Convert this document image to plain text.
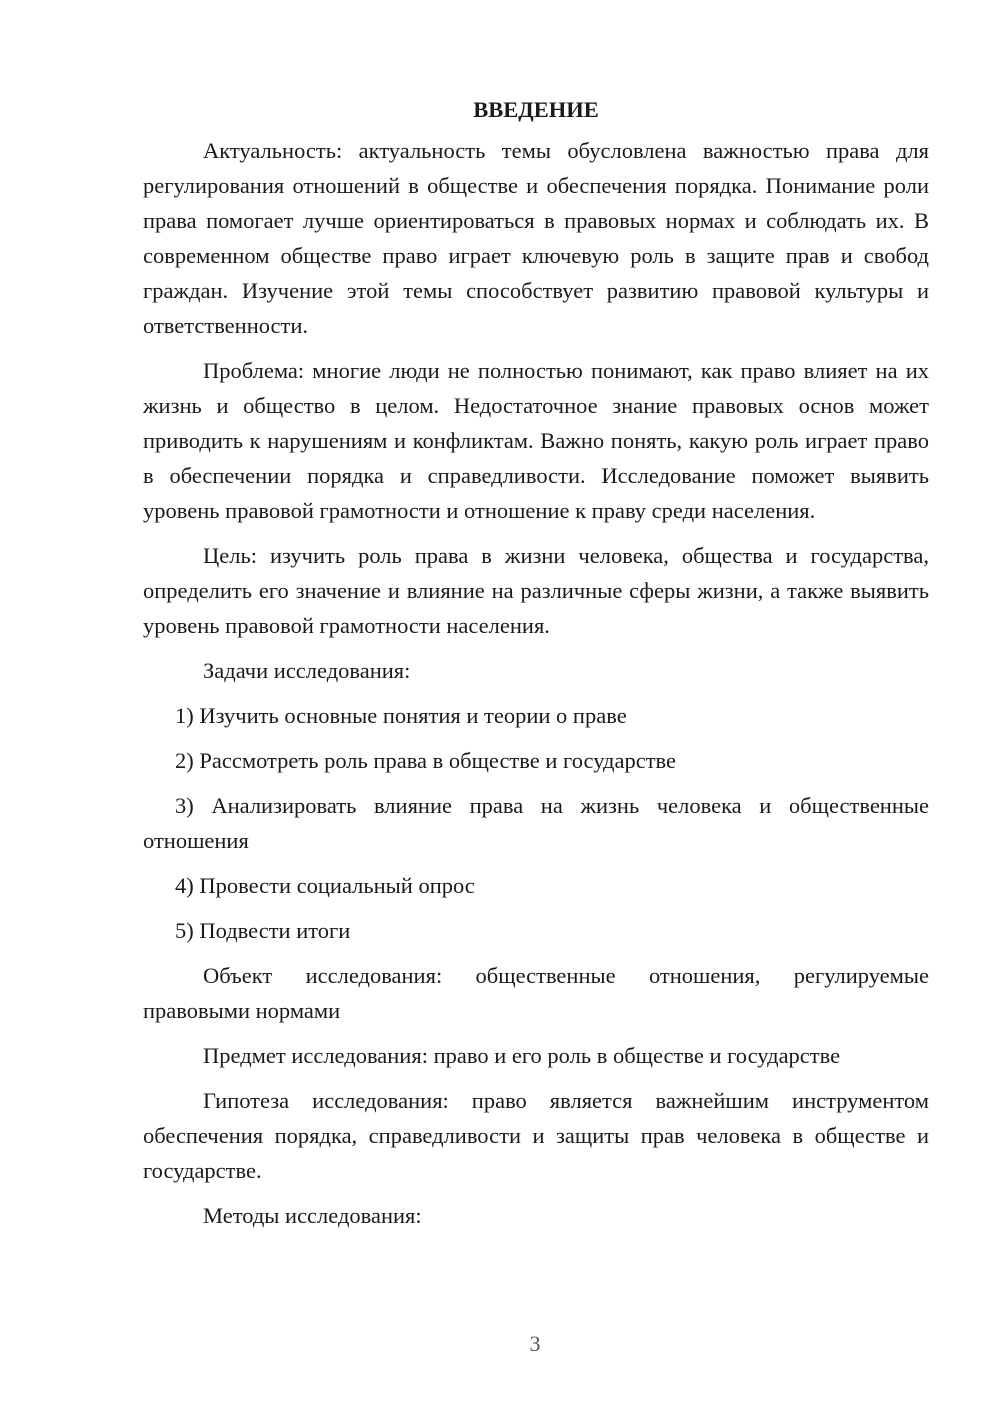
ВВЕДЕНИЕ

Актуальность: актуальность темы обусловлена важностью права для регулирования отношений в обществе и обеспечения порядка. Понимание роли права помогает лучше ориентироваться в правовых нормах и соблюдать их. В современном обществе право играет ключевую роль в защите прав и свобод граждан. Изучение этой темы способствует развитию правовой культуры и ответственности.

Проблема: многие люди не полностью понимают, как право влияет на их жизнь и общество в целом. Недостаточное знание правовых основ может приводить к нарушениям и конфликтам. Важно понять, какую роль играет право в обеспечении порядка и справедливости. Исследование поможет выявить уровень правовой грамотности и отношение к праву среди населения.

Цель: изучить роль права в жизни человека, общества и государства, определить его значение и влияние на различные сферы жизни, а также выявить уровень правовой грамотности населения.

Задачи исследования:

1) Изучить основные понятия и теории о праве

2) Рассмотреть роль права в обществе и государстве

3) Анализировать влияние права на жизнь человека и общественные отношения

4) Провести социальный опрос

5) Подвести итоги

Объект исследования: общественные отношения, регулируемые правовыми нормами

Предмет исследования: право и его роль в обществе и государстве

Гипотеза исследования: право является важнейшим инструментом обеспечения порядка, справедливости и защиты прав человека в обществе и государстве.

Методы исследования:

3
